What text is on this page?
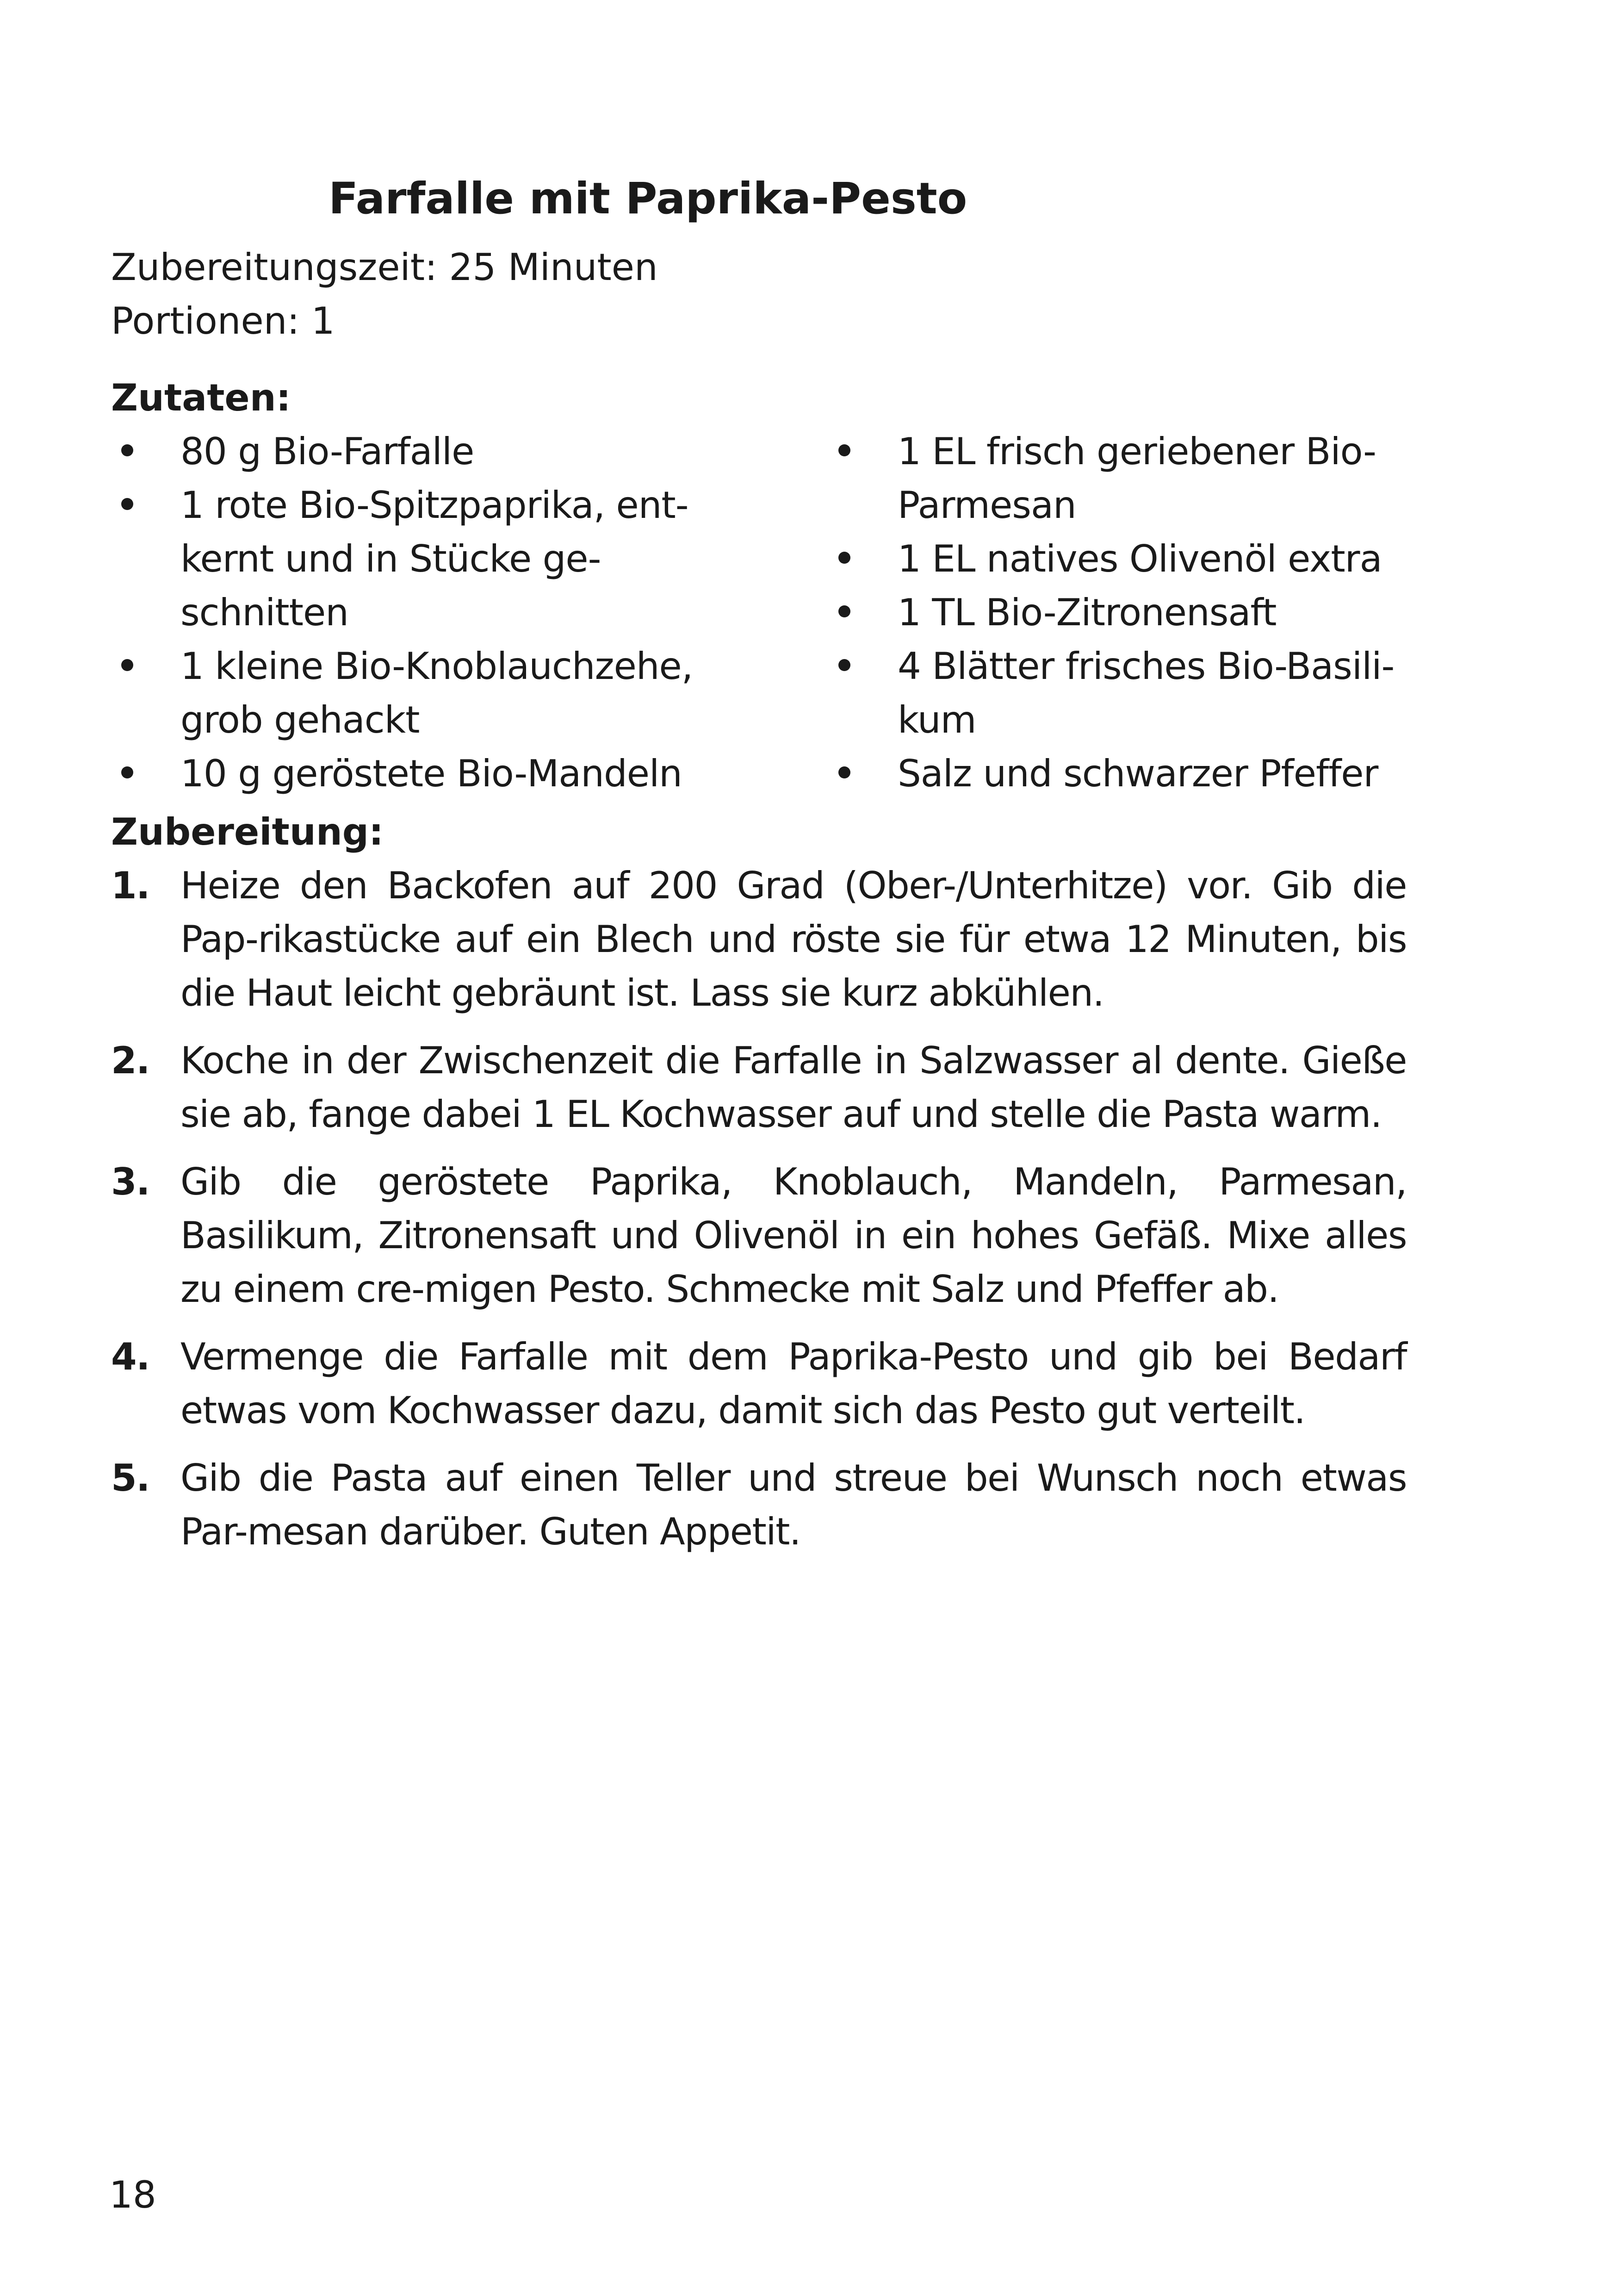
Farfalle mit Paprika-Pesto
Zubereitungszeit: 25 Minuten
Portionen: 1
Zutaten:
80 g Bio-Farfalle
1 rote Bio-Spitzpaprika, ent-kernt und in Stücke ge-schnitten
1 kleine Bio-Knoblauchzehe, grob gehackt
10 g geröstete Bio-Mandeln
1 EL frisch geriebener Bio-Parmesan
1 EL natives Olivenöl extra
1 TL Bio-Zitronensaft
4 Blätter frisches Bio-Basili-kum
Salz und schwarzer Pfeffer
Zubereitung:
1. Heize den Backofen auf 200 Grad (Ober-/Unterhitze) vor. Gib die Pap-rikastücke auf ein Blech und röste sie für etwa 12 Minuten, bis die Haut leicht gebräunt ist. Lass sie kurz abkühlen.
2. Koche in der Zwischenzeit die Farfalle in Salzwasser al dente. Gieße sie ab, fange dabei 1 EL Kochwasser auf und stelle die Pasta warm.
3. Gib die geröstete Paprika, Knoblauch, Mandeln, Parmesan, Basilikum, Zitronensaft und Olivenöl in ein hohes Gefäß. Mixe alles zu einem cre-migen Pesto. Schmecke mit Salz und Pfeffer ab.
4. Vermenge die Farfalle mit dem Paprika-Pesto und gib bei Bedarf etwas vom Kochwasser dazu, damit sich das Pesto gut verteilt.
5. Gib die Pasta auf einen Teller und streue bei Wunsch noch etwas Par-mesan darüber. Guten Appetit.
18
